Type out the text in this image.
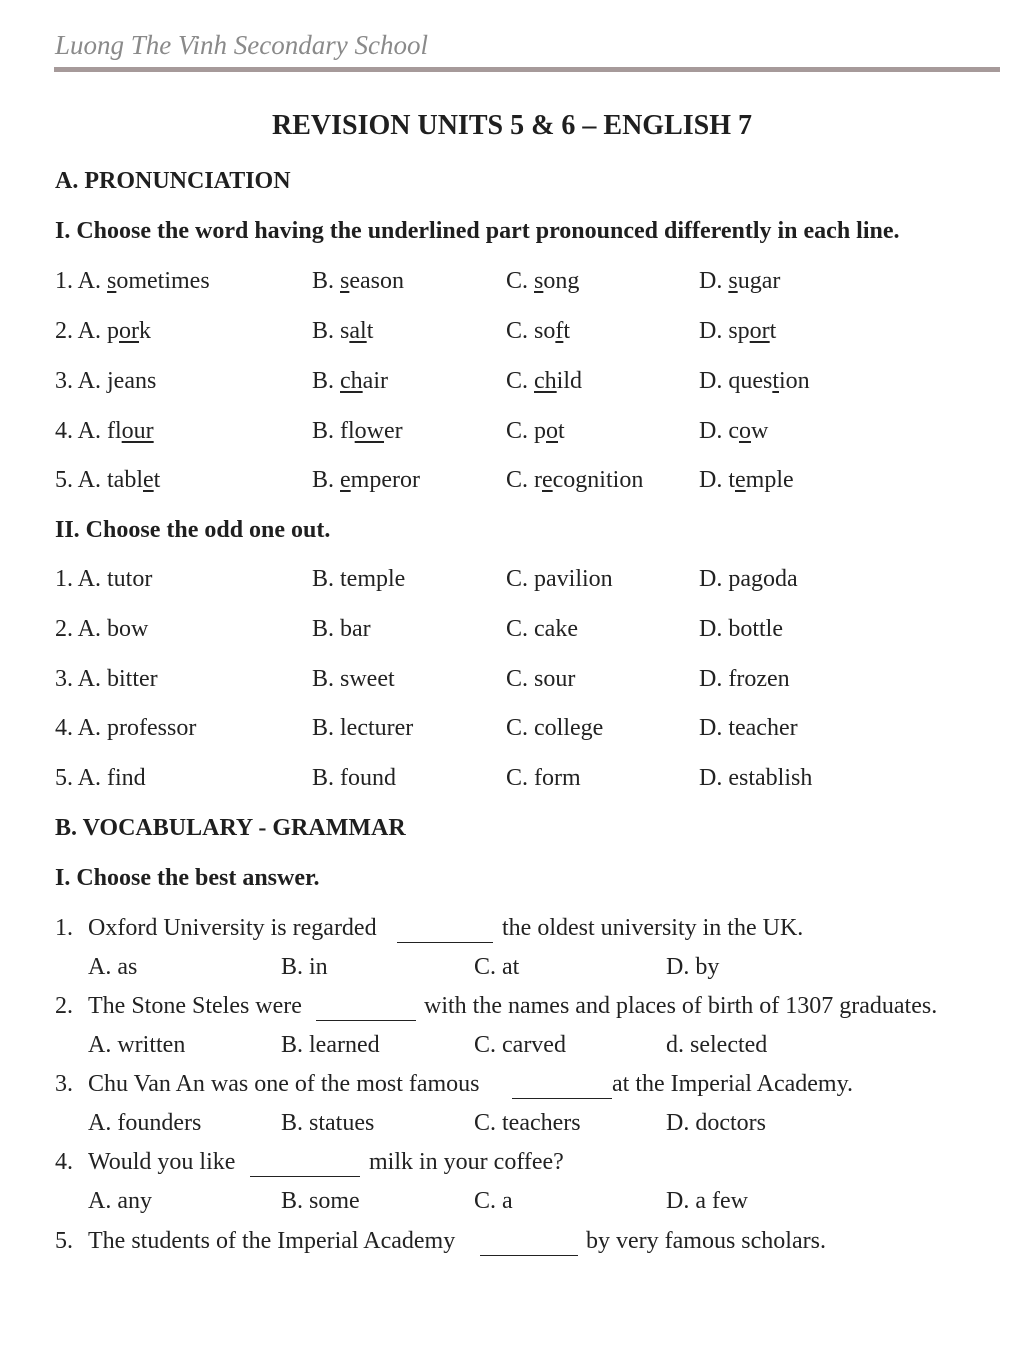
Luong The Vinh Secondary School
REVISION UNITS 5 & 6 – ENGLISH 7
A. PRONUNCIATION
I. Choose the word having the underlined part pronounced differently in each line.
1. A. sometimes	B. season	C. song	D. sugar
2. A. pork	B. salt	C. soft	D. sport
3. A. jeans	B. chair	C. child	D. question
4. A. flour	B. flower	C. pot	D. cow
5. A. tablet	B. emperor	C. recognition D. temple
II. Choose the odd one out.
1. A. tutor	B. temple	C. pavilion	D. pagoda
2. A. bow	B. bar	C. cake	D. bottle
3. A. bitter	B. sweet	C. sour	D. frozen
4. A. professor	B. lecturer	C. college	D. teacher
5. A. find	B. found	C. form	D. establish
B. VOCABULARY - GRAMMAR
I. Choose the best answer.
1. Oxford University is regarded	the oldest university in the UK.
A. as	B. in	C. at	D. by
2. The Stone Steles were	with the names and places of birth of 1307 graduates.
A. written	B. learned	C. carved	d. selected
3. Chu Van An was one of the most famous	at the Imperial Academy.
A. founders	B. statues	C. teachers	D. doctors
4. Would you like	milk in your coffee?
A. any	B. some	C. a	D. a few
5. The students of the Imperial Academy	by very famous scholars.
